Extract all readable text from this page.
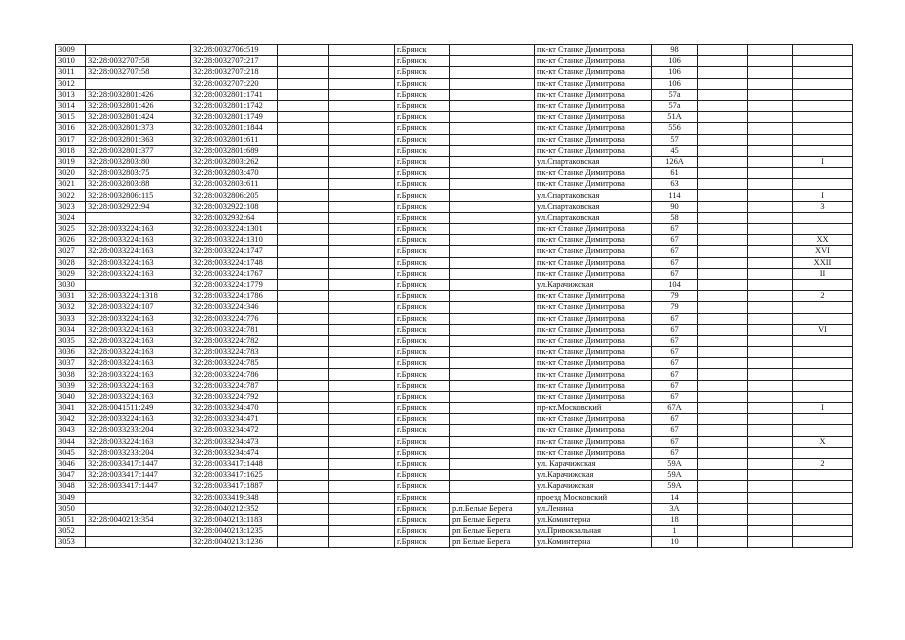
3009		32:28:0032706:519			г.Брянск		пк-кт Станке Димитрова	98			
3010	32:28:0032707:58	32:28:0032707:217			г.Брянск		пк-кт Станке Димитрова	106			
3011	32:28:0032707:58	32:28:0032707:218			г.Брянск		пк-кт Станке Димитрова	106			
3012		32:28:0032707:220			г.Брянск		пк-кт Станке Димитрова	106			
3013	32:28:0032801:426	32:28:0032801:1741			г.Брянск		пк-кт Станке Димитрова	57а			
3014	32:28:0032801:426	32:28:0032801:1742			г.Брянск		пк-кт Станке Димитрова	57а			
3015	32:28:0032801:424	32:28:0032801:1749			г.Брянск		пк-кт Станке Димитрова	51А			
3016	32:28:0032801:373	32:28:0032801:1844			г.Брянск		пк-кт Станке Димитрова	556			
3017	32:28:0032801:363	32:28:0032801:611			г.Брянск		пк-кт Станке Димитрова	57			
3018	32:28:0032801:377	32:28:0032801:689			г.Брянск		пк-кт Станке Димитрова	45			
3019	32:28:0032803:80	32:28:0032803:262			г.Брянск		ул.Спартаковская	126А			I
3020	32:28:0032803:75	32:28:0032803:470			г.Брянск		пк-кт Станке Димитрова	61			
3021	32:28:0032803:88	32:28:0032803:611			г.Брянск		пк-кт Станке Димитрова	63			
3022	32:28:0032806:115	32:28:0032806:205			г.Брянск		ул.Спартаковская	114			I
3023	32:28:0032922:94	32:28:0032922:108			г.Брянск		ул.Спартаковская	90			3
3024		32:28:0032932:64			г.Брянск		ул.Спартаковская	58			
3025	32:28:0033224:163	32:28:0033224:1301			г.Брянск		пк-кт Станке Димитрова	67			
3026	32:28:0033224:163	32:28:0033224:1310			г.Брянск		пк-кт Станке Димитрова	67			XX
3027	32:28:0033224:163	32:28:0033224:1747			г.Брянск		пк-кт Станке Димитрова	67			XVI
3028	32:28:0033224:163	32:28:0033224:1748			г.Брянск		пк-кт Станке Димитрова	67			XXII
3029	32:28:0033224:163	32:28:0033224:1767			г.Брянск		пк-кт Станке Димитрова	67			II
3030		32:28:0033224:1779			г.Брянск		ул.Карачижская	104			
3031	32:28:0033224:1318	32:28:0033224:1786			г.Брянск		пк-кт Станке Димитрова	79			2
3032	32:28:0033224:107	32:28:0033224:346			г.Брянск		пк-кт Станке Димитрова	79			
3033	32:28:0033224:163	32:28:0033224:776			г.Брянск		пк-кт Станке Димитрова	67			
3034	32:28:0033224:163	32:28:0033224:781			г.Брянск		пк-кт Станке Димитрова	67			VI
3035	32:28:0033224:163	32:28:0033224:782			г.Брянск		пк-кт Станке Димитрова	67			
3036	32:28:0033224:163	32:28:0033224:783			г.Брянск		пк-кт Станке Димитрова	67			
3037	32:28:0033224:163	32:28:0033224:785			г.Брянск		пк-кт Станке Димитрова	67			
3038	32:28:0033224:163	32:28:0033224:786			г.Брянск		пк-кт Станке Димитрова	67			
3039	32:28:0033224:163	32:28:0033224:787			г.Брянск		пк-кт Станке Димитрова	67			
3040	32:28:0033224:163	32:28:0033224:792			г.Брянск		пк-кт Станке Димитрова	67			
3041	32:28:0041511:249	32:28:0033234:470			г.Брянск		пр-кт.Московский	67А			I
3042	32:28:0033224:163	32:28:0033234:471			г.Брянск		пк-кт Станке Димитрова	67			
3043	32:28:0033233:204	32:28:0033234:472			г.Брянск		пк-кт Станке Димитрова	67			
3044	32:28:0033224:163	32:28:0033234:473			г.Брянск		пк-кт Станке Димитрова	67			X
3045	32:28:0033233:204	32:28:0033234:474			г.Брянск		пк-кт Станке Димитрова	67			
3046	32:28:0033417:1447	32:28:0033417:1448			г.Брянск		ул. Карачижская	59А			2
3047	32:28:0033417:1447	32:28:0033417:1625			г.Брянск		ул.Карачижская	59А			
3048	32:28:0033417:1447	32:28:0033417:1887			г.Брянск		ул.Карачижская	59А			
3049		32:28:0033419:348			г.Брянск		проезд Московский	14			
3050		32:28:0040212:352			г.Брянск	р.п.Белые Берега	ул.Ленина	3А			
3051	32:28:0040213:354	32:28:0040213:1183			г.Брянск	рп Белые Берега	ул.Коминтерна	18			
3052		32:28:0040213:1235			г.Брянск	рп Белые Берега	ул.Привокзальная	1			
3053		32:28:0040213:1236			г.Брянск	рп Белые Берега	ул.Коминтерна	10			
